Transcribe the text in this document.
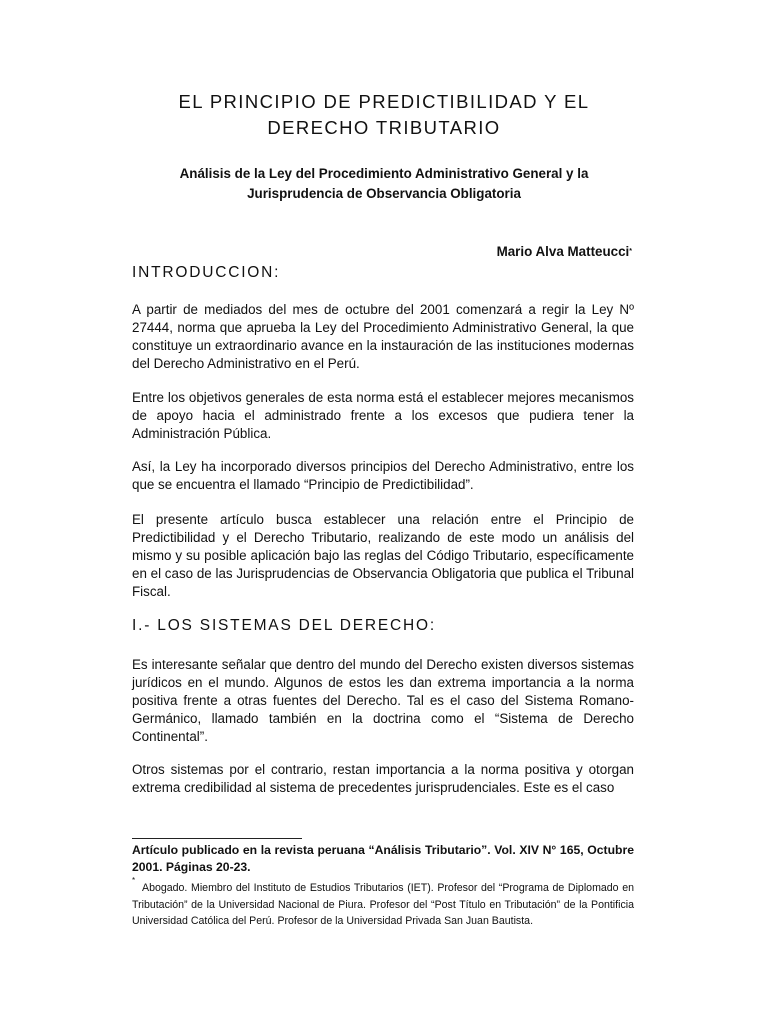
EL PRINCIPIO DE PREDICTIBILIDAD Y EL
DERECHO TRIBUTARIO
Análisis de la Ley del Procedimiento Administrativo General y la
Jurisprudencia de Observancia Obligatoria
Mario Alva Matteucci*
INTRODUCCION:

A partir de mediados del mes de octubre del 2001 comenzará a regir la Ley Nº 27444, norma que aprueba la Ley del Procedimiento Administrativo General, la que constituye un extraordinario avance en la instauración de las instituciones modernas del Derecho Administrativo en el Perú.

Entre los objetivos generales de esta norma está el establecer mejores mecanismos de apoyo hacia el administrado frente a los excesos que pudiera tener la Administración Pública.

Así, la Ley ha incorporado diversos principios del Derecho Administrativo, entre los que se encuentra el llamado “Principio de Predictibilidad”.

El presente artículo busca establecer una relación entre el Principio de Predictibilidad y el Derecho Tributario, realizando de este modo un análisis del mismo y su posible aplicación bajo las reglas del Código Tributario, específicamente en el caso de las Jurisprudencias de Observancia Obligatoria que publica el Tribunal Fiscal.

I.- LOS SISTEMAS DEL DERECHO:

Es interesante señalar que dentro del mundo del Derecho existen diversos sistemas jurídicos en el mundo. Algunos de estos les dan extrema importancia a la norma positiva frente a otras fuentes del Derecho. Tal es el caso del Sistema Romano-Germánico, llamado también en la doctrina como el “Sistema de Derecho Continental”.

Otros sistemas por el contrario, restan importancia a la norma positiva y otorgan extrema credibilidad al sistema de precedentes jurisprudenciales. Este es el caso

Artículo publicado en la revista peruana “Análisis Tributario”. Vol. XIV N° 165, Octubre 2001. Páginas 20-23.

*

Abogado. Miembro del Instituto de Estudios Tributarios (IET). Profesor del “Programa de Diplomado en Tributación” de la Universidad Nacional de Piura. Profesor del “Post Título en Tributación” de la Pontificia Universidad Católica del Perú. Profesor de la Universidad Privada San Juan Bautista.
